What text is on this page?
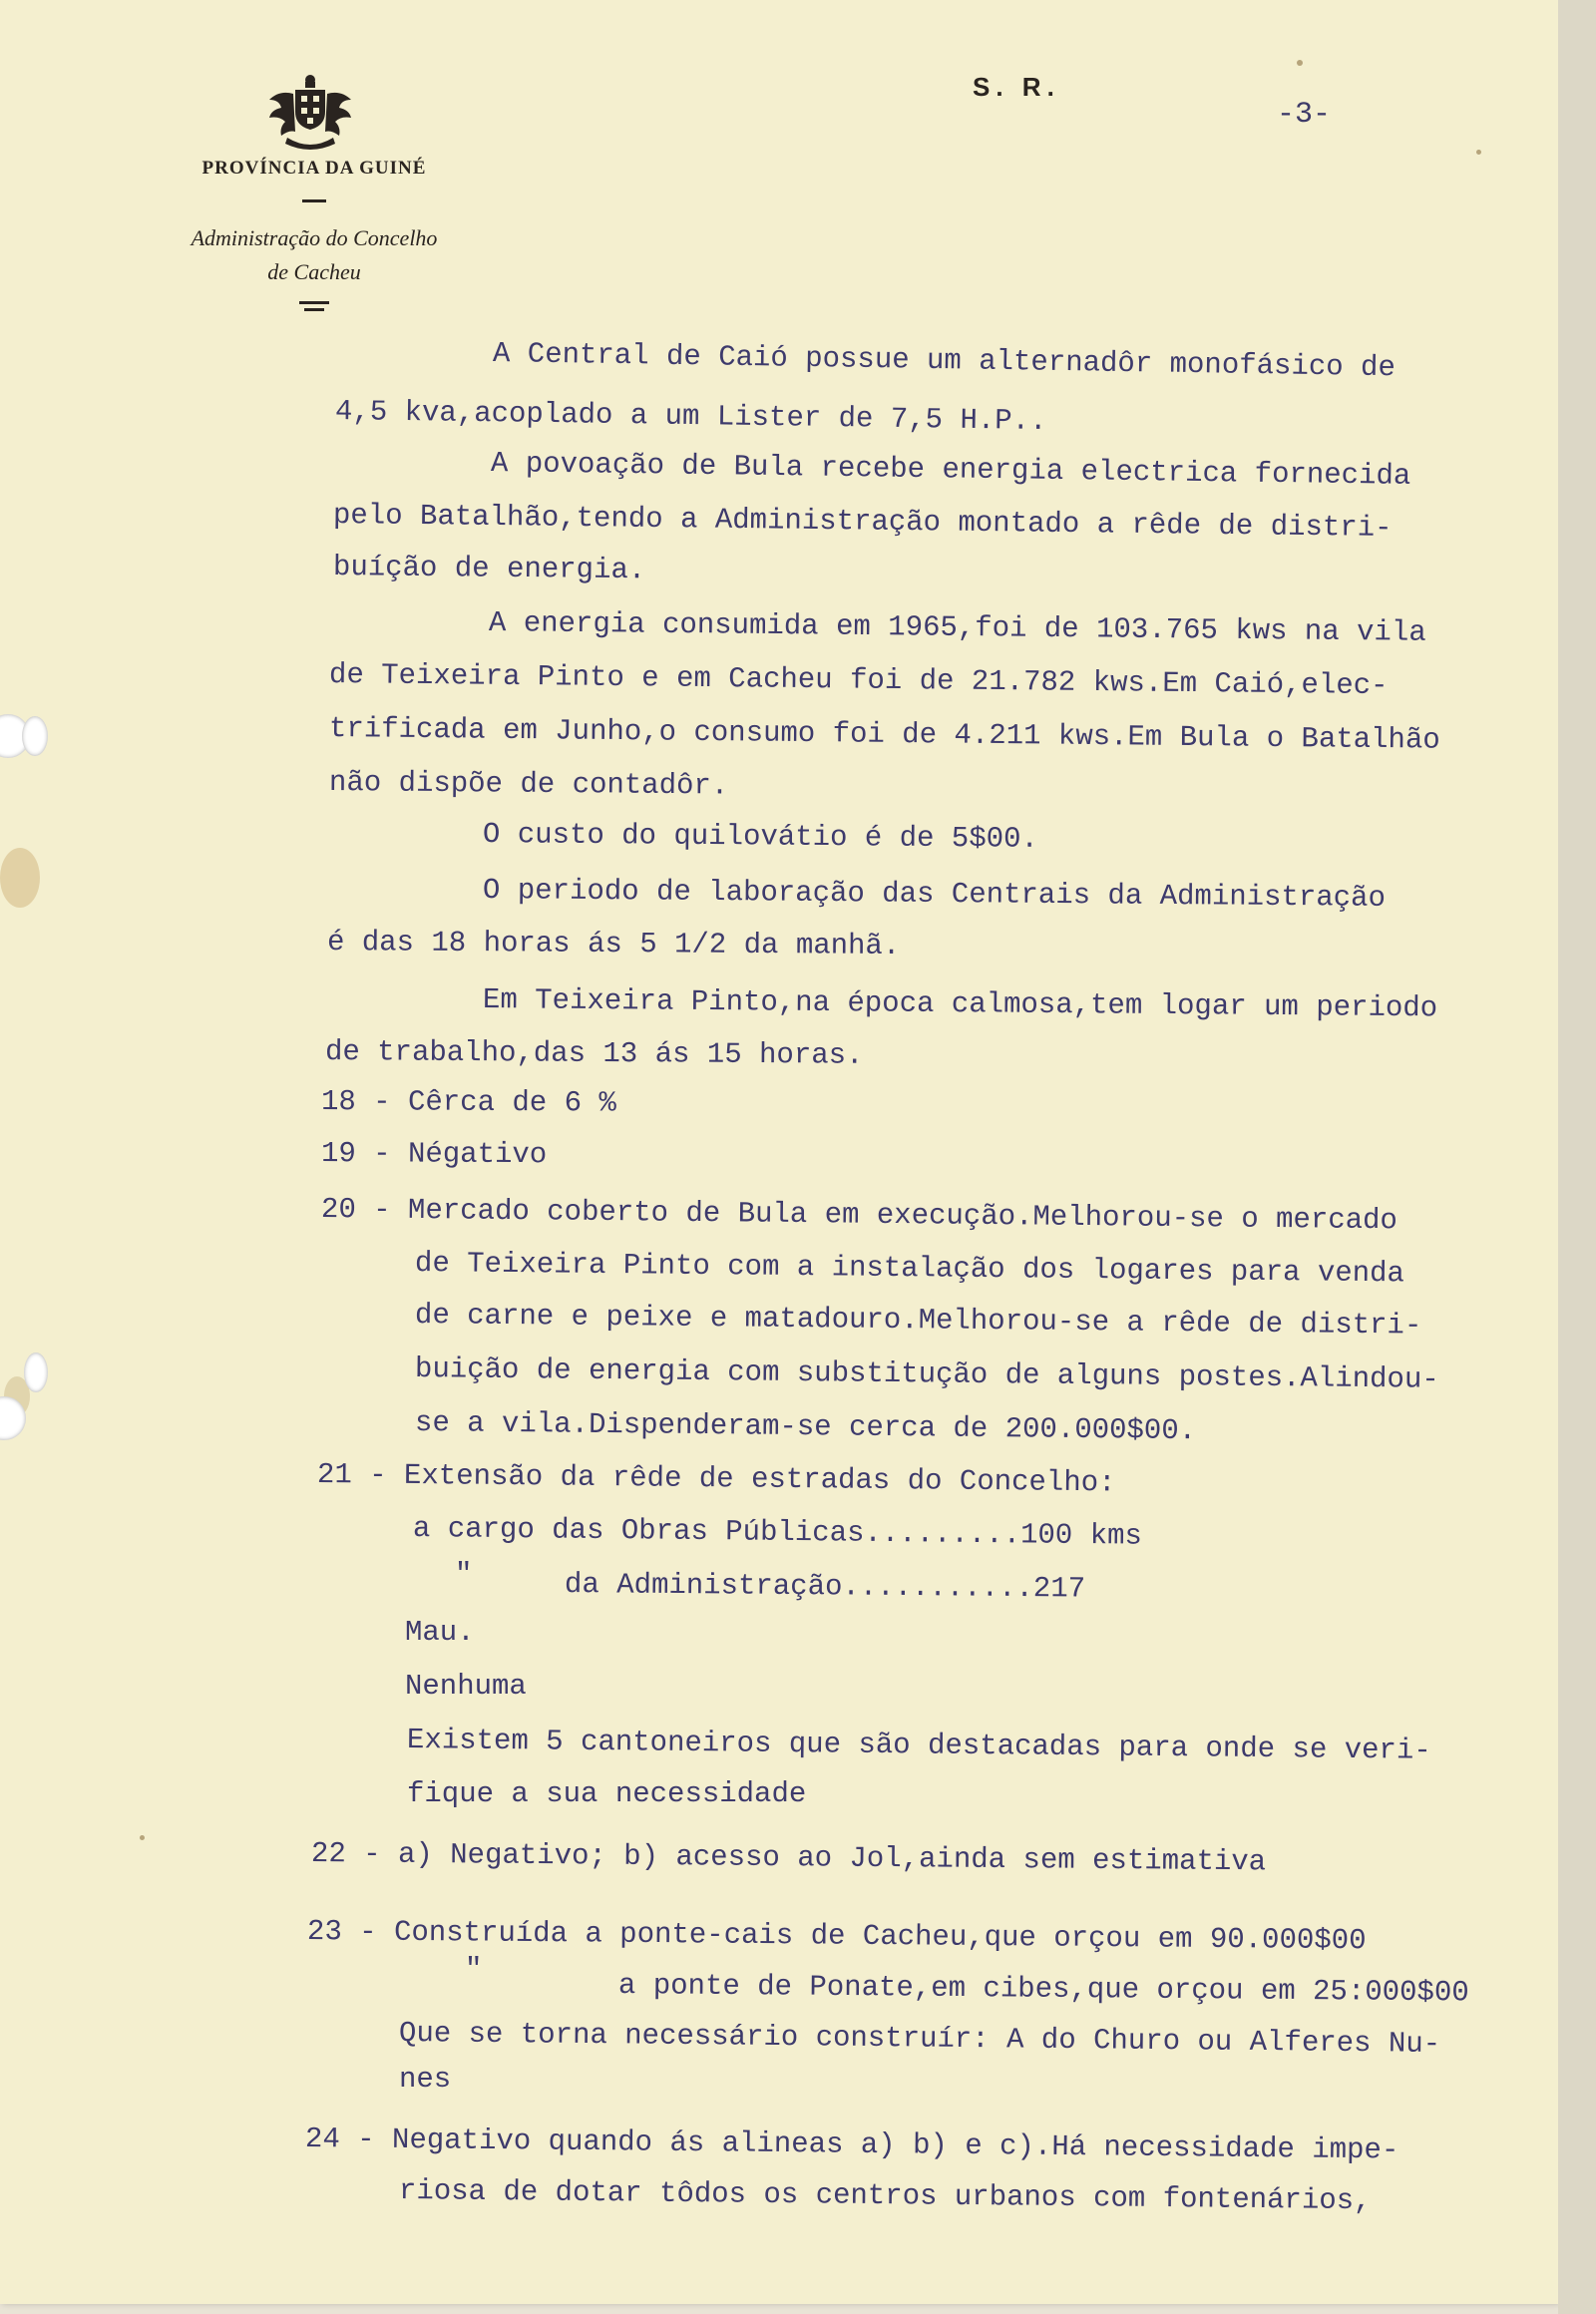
PROVÍNCIA DA GUINÉ
Administração do Concelho
de Cacheu
S. R.
-3-
A Central de Caió possue um alternadôr monofásico de
4,5 kva,acoplado a um Lister de 7,5 H.P..
A povoação de Bula recebe energia electrica fornecida
pelo Batalhão,tendo a Administração montado a rêde de distri-
buíção de energia.
A energia consumida em 1965,foi de 103.765 kws na vila
de Teixeira Pinto e em Cacheu foi de 21.782 kws.Em Caió,elec-
trificada em Junho,o consumo foi de 4.211 kws.Em Bula o Batalhão
não dispõe de contadôr.
O custo do quilovátio é de 5$00.
O periodo de laboração das Centrais da Administração
é das 18 horas ás 5 1/2 da manhã.
Em Teixeira Pinto,na época calmosa,tem logar um periodo
de trabalho,das 13 ás 15 horas.
18 - Cêrca de 6 %
19 - Négativo
20 - Mercado coberto de Bula em execução.Melhorou-se o mercado
de Teixeira Pinto com a instalação dos logares para venda
de carne e peixe e matadouro.Melhorou-se a rêde de distri-
buição de energia com substitução de alguns postes.Alindou-
se a vila.Dispenderam-se cerca de 200.000$00.
21 - Extensão da rêde de estradas do Concelho:
a cargo das Obras Públicas.........100 kms
"	da Administração...........217
Mau.
Nenhuma
Existem 5 cantoneiros que são destacadas para onde se veri-
fique a sua necessidade
22 - a) Negativo; b) acesso ao Jol,ainda sem estimativa
23 - Construída a ponte-cais de Cacheu,que orçou em 90.000$00
"	a ponte de Ponate,em cibes,que orçou em 25:000$00
Que se torna necessário construír: A do Churo ou Alferes Nu-
nes
24 - Negativo quando ás alineas a) b) e c).Há necessidade impe-
riosa de dotar tôdos os centros urbanos com fontenários,
